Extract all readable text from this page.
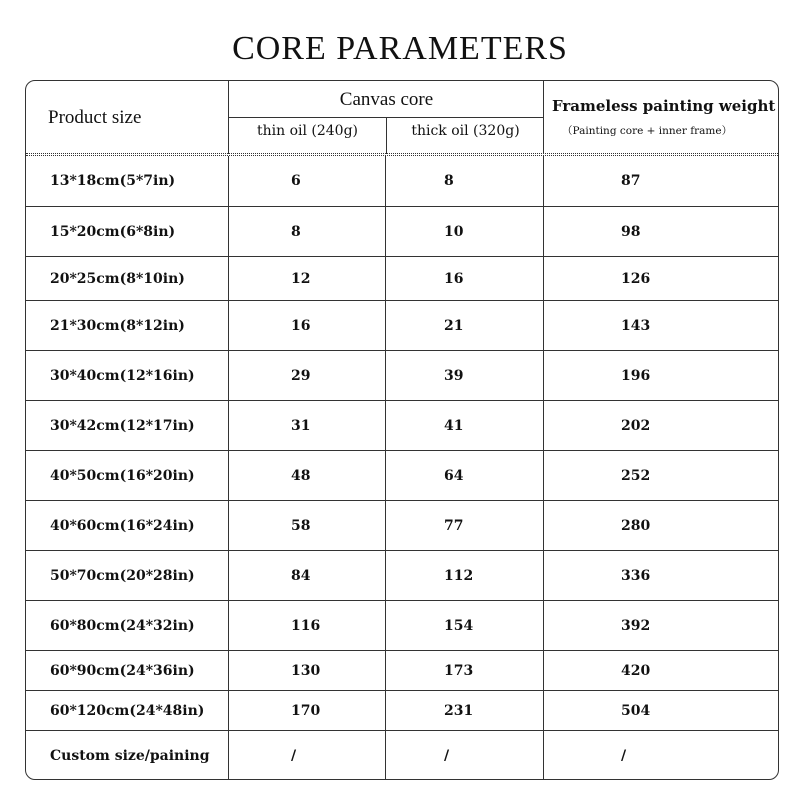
CORE PARAMETERS
Product size
Canvas core
thin oil (240g)	thick oil (320g)
Frameless painting weight
（Painting core + inner frame）
13*18cm(5*7in)	6	8	87
15*20cm(6*8in)	8	10	98
20*25cm(8*10in)	12	16	126
21*30cm(8*12in)	16	21	143
30*40cm(12*16in)	29	39	196
30*42cm(12*17in)	31	41	202
40*50cm(16*20in)	48	64	252
40*60cm(16*24in)	58	77	280
50*70cm(20*28in)	84	112	336
60*80cm(24*32in)	116	154	392
60*90cm(24*36in)	130	173	420
60*120cm(24*48in)	170	231	504
Custom size/paining	/	/	/
